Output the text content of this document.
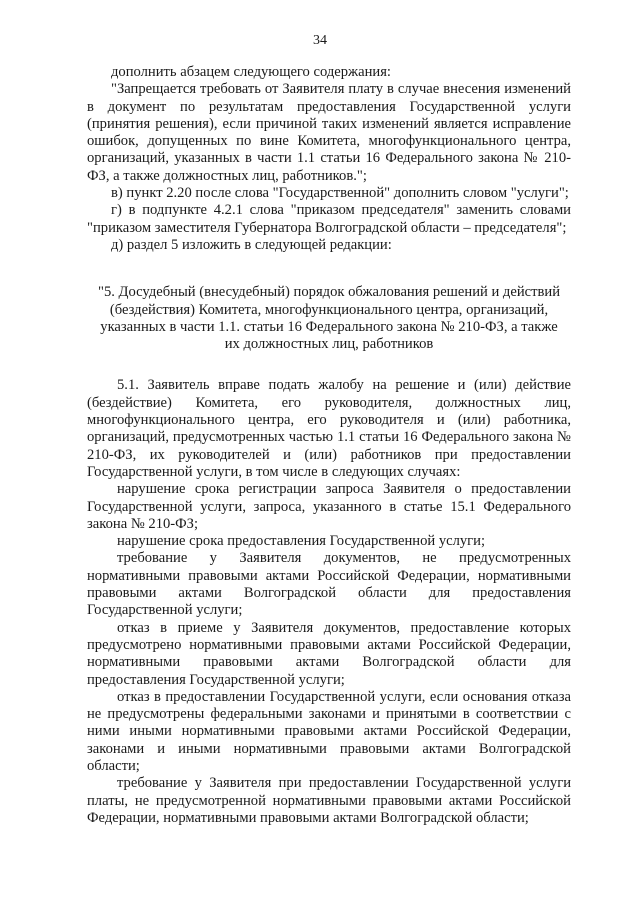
34

дополнить абзацем следующего содержания:

"Запрещается требовать от Заявителя плату в случае внесения изменений в документ по результатам предоставления Государственной услуги (принятия решения), если причиной таких изменений является исправление ошибок, допущенных по вине Комитета, многофункционального центра, организаций, указанных в части 1.1 статьи 16 Федерального закона № 210-ФЗ, а также должностных лиц, работников.";

в) пункт 2.20 после слова "Государственной" дополнить словом "услуги";

г) в подпункте 4.2.1 слова "приказом председателя" заменить словами "приказом заместителя Губернатора Волгоградской области – председателя";

д) раздел 5 изложить в следующей редакции:

"5. Досудебный (внесудебный) порядок обжалования решений и действий (бездействия) Комитета, многофункционального центра, организаций, указанных в части 1.1. статьи 16 Федерального закона № 210-ФЗ, а также их должностных лиц, работников

5.1. Заявитель вправе подать жалобу на решение и (или) действие (бездействие) Комитета, его руководителя, должностных лиц, многофункционального центра, его руководителя и (или) работника, организаций, предусмотренных частью 1.1 статьи 16 Федерального закона № 210-ФЗ, их руководителей и (или) работников при предоставлении Государственной услуги, в том числе в следующих случаях:

нарушение срока регистрации запроса Заявителя о предоставлении Государственной услуги, запроса, указанного в статье 15.1 Федерального закона № 210-ФЗ;

нарушение срока предоставления Государственной услуги;

требование у Заявителя документов, не предусмотренных нормативными правовыми актами Российской Федерации, нормативными правовыми актами Волгоградской области для предоставления Государственной услуги;

отказ в приеме у Заявителя документов, предоставление которых предусмотрено нормативными правовыми актами Российской Федерации, нормативными правовыми актами Волгоградской области для предоставления Государственной услуги;

отказ в предоставлении Государственной услуги, если основания отказа не предусмотрены федеральными законами и принятыми в соответствии с ними иными нормативными правовыми актами Российской Федерации, законами и иными нормативными правовыми актами Волгоградской области;

требование у Заявителя при предоставлении Государственной услуги платы, не предусмотренной нормативными правовыми актами Российской Федерации, нормативными правовыми актами Волгоградской области;
